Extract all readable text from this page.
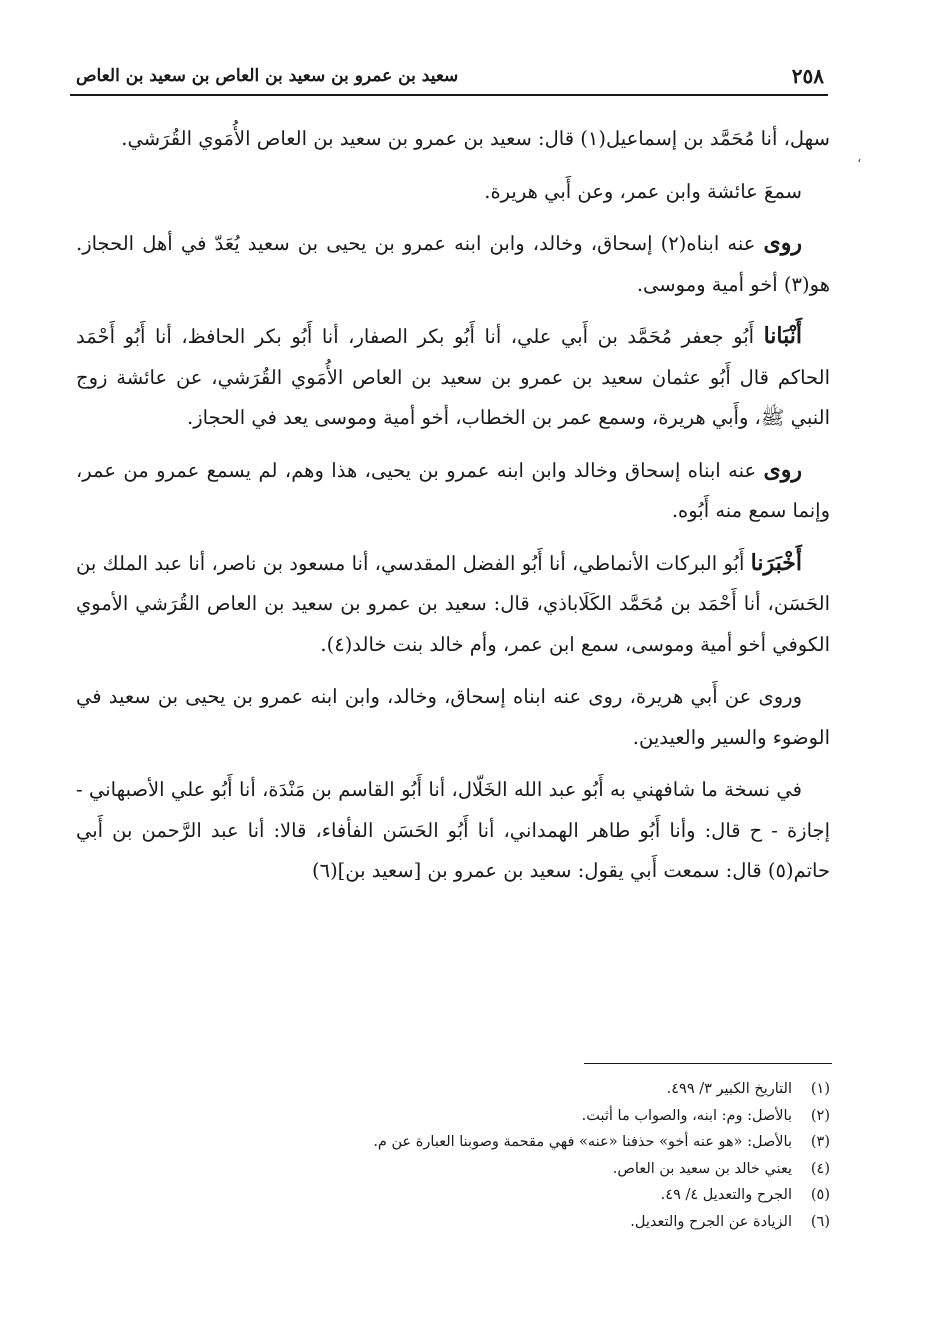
٢٥٨
سعيد بن عمرو بن سعيد بن العاص بن سعيد بن العاص
،

سهل، أنا مُحَمَّد بن إسماعيل(١) قال: سعيد بن عمرو بن سعيد بن العاص الأُمَوي القُرَشي.

سمعَ عائشة وابن عمر، وعن أَبي هريرة.

روى عنه ابناه(٢) إسحاق، وخالد، وابن ابنه عمرو بن يحيى بن سعيد يُعَدّ في أهل الحجاز. هو(٣) أخو أمية وموسى.

أَنْبَانا أَبُو جعفر مُحَمَّد بن أَبي علي، أنا أَبُو بكر الصفار، أنا أَبُو بكر الحافظ، أنا أَبُو أَحْمَد الحاكم قال أَبُو عثمان سعيد بن عمرو بن سعيد بن العاص الأُمَوي القُرَشي، عن عائشة زوج النبي ﷺ، وأَبي هريرة، وسمع عمر بن الخطاب، أخو أمية وموسى يعد في الحجاز.

روى عنه ابناه إسحاق وخالد وابن ابنه عمرو بن يحيى، هذا وهم، لم يسمع عمرو من عمر، وإنما سمع منه أَبُوه.

أَخْبَرَنا أَبُو البركات الأنماطي، أنا أَبُو الفضل المقدسي، أنا مسعود بن ناصر، أنا عبد الملك بن الحَسَن، أنا أَحْمَد بن مُحَمَّد الكَلَاباذي، قال: سعيد بن عمرو بن سعيد بن العاص القُرَشي الأموي الكوفي أخو أمية وموسى، سمع ابن عمر، وأم خالد بنت خالد(٤).

وروى عن أَبي هريرة، روى عنه ابناه إسحاق، وخالد، وابن ابنه عمرو بن يحيى بن سعيد في الوضوء والسير والعيدين.

في نسخة ما شافهني به أَبُو عبد الله الخَلّال، أنا أَبُو القاسم بن مَنْدَة، أنا أَبُو علي الأصبهاني - إجازة - ح قال: وأنا أَبُو طاهر الهمداني، أنا أَبُو الحَسَن الفأفاء، قالا: أنا عبد الرَّحمن بن أَبي حاتم(٥) قال: سمعت أَبي يقول: سعيد بن عمرو بن [سعيد بن](٦)

(١)
التاريخ الكبير ٣/ ٤٩٩.
(٢)
بالأصل: وم: ابنه، والصواب ما أثبت.
(٣)
بالأصل: «هو عنه أخو» حذفنا «عنه» فهي مقحمة وصوبنا العبارة عن م.
(٤)
يعني خالد بن سعيد بن العاص.
(٥)
الجرح والتعديل ٤/ ٤٩.
(٦)
الزيادة عن الجرح والتعديل.
